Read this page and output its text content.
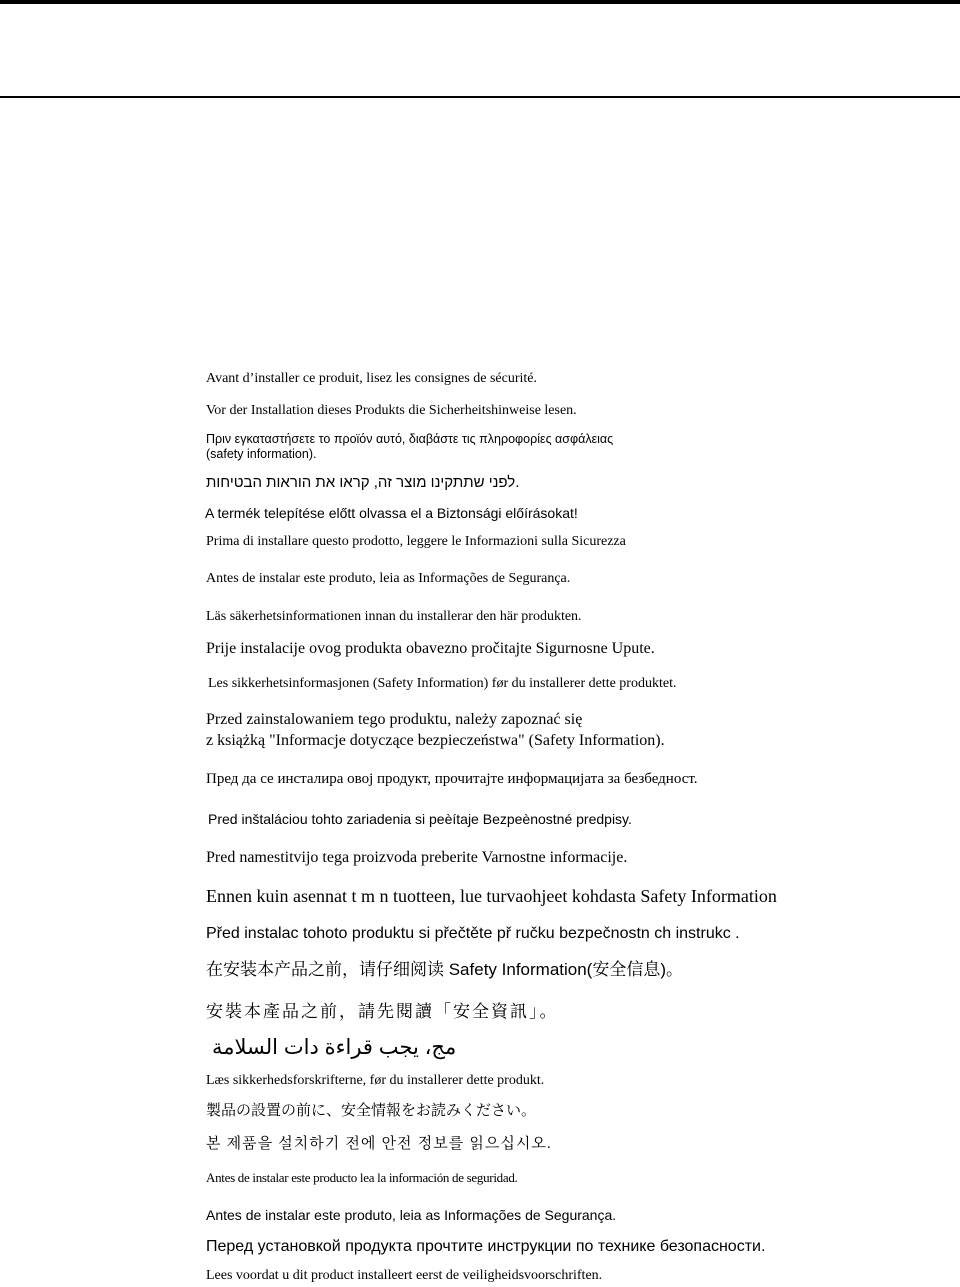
Avant d’installer ce produit, lisez les consignes de sécurité.
Vor der Installation dieses Produkts die Sicherheitshinweise lesen.
Πριν εγκαταστήσετε το προϊόν αυτό, διαβάστε τις πληροφορίες ασφάλειας
(safety information).
.לפני שתתקינו מוצר זה, קראו את הוראות הבטיחות
A termék telepítése előtt olvassa el a Biztonsági előírásokat!
Prima di installare questo prodotto, leggere le Informazioni sulla Sicurezza
Antes de instalar este produto, leia as Informações de Segurança.
Läs säkerhetsinformationen innan du installerar den här produkten.
Prije instalacije ovog produkta obavezno pročitajte Sigurnosne Upute.
Les sikkerhetsinformasjonen (Safety Information) før du installerer dette produktet.
Przed zainstalowaniem tego produktu, należy zapoznać się
z książką "Informacje dotyczące bezpieczeństwa" (Safety Information).
Пред да се инсталира овој продукт, прочитајте информацијата за безбедност.
Pred inštaláciou tohto zariadenia si peèítaje Bezpeènostné predpisy.
Pred namestitvijo tega proizvoda preberite Varnostne informacije.
Ennen kuin asennat t m n tuotteen, lue turvaohjeet kohdasta Safety Information
Před instalac tohoto produktu si přečtěte př ručku bezpečnostn ch instrukc .
在安装本产品之前，请仔细阅读 Safety Information(安全信息)。
安裝本產品之前，請先閱讀「安全資訊」。
مج، يجب قراءة دات السلامة
Læs sikkerhedsforskrifterne, før du installerer dette produkt.
製品の設置の前に、安全情報をお読みください。
본 제품을 설치하기 전에 안전 정보를 읽으십시오.
Antes de instalar este producto lea la información de seguridad.
Antes de instalar este produto, leia as Informações de Segurança.
Перед установкой продукта прочтите инструкции по технике безопасности.
Lees voordat u dit product installeert eerst de veiligheidsvoorschriften.
